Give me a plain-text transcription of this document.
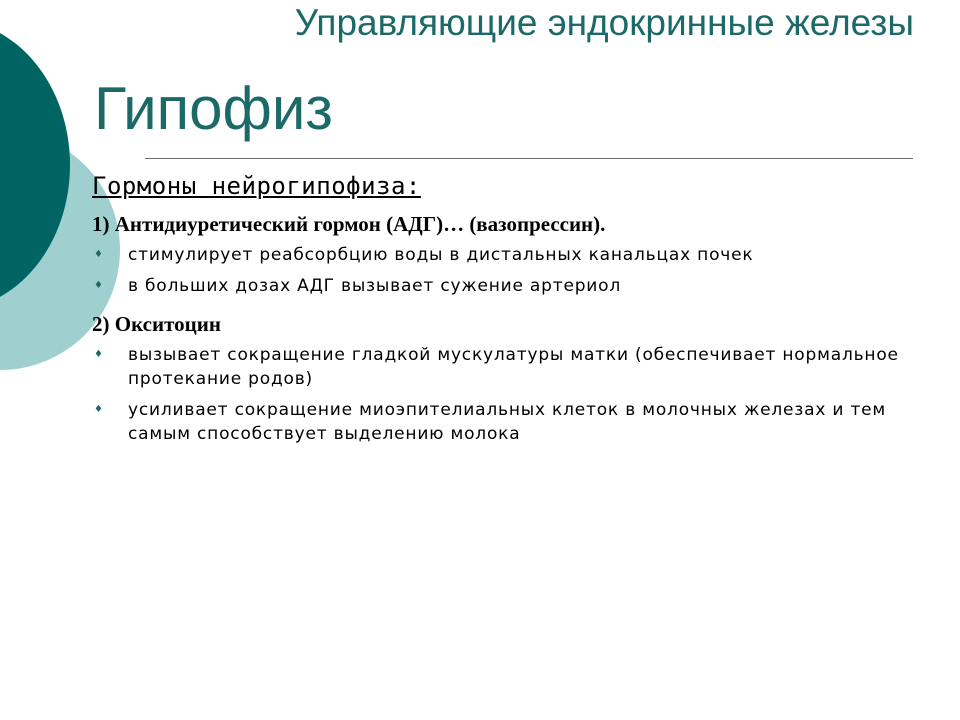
Управляющие эндокринные железы
Гипофиз
Гормоны нейрогипофиза:
1) Антидиуретический гормон (АДГ)… (вазопрессин).
♦ стимулирует реабсорбцию воды в дистальных канальцах почек
♦ в больших дозах АДГ вызывает сужение артериол
2) Окситоцин
♦ вызывает сокращение гладкой мускулатуры матки (обеспечивает нормальное протекание родов)
♦ усиливает сокращение миоэпителиальных клеток в молочных железах и тем самым способствует выделению молока
